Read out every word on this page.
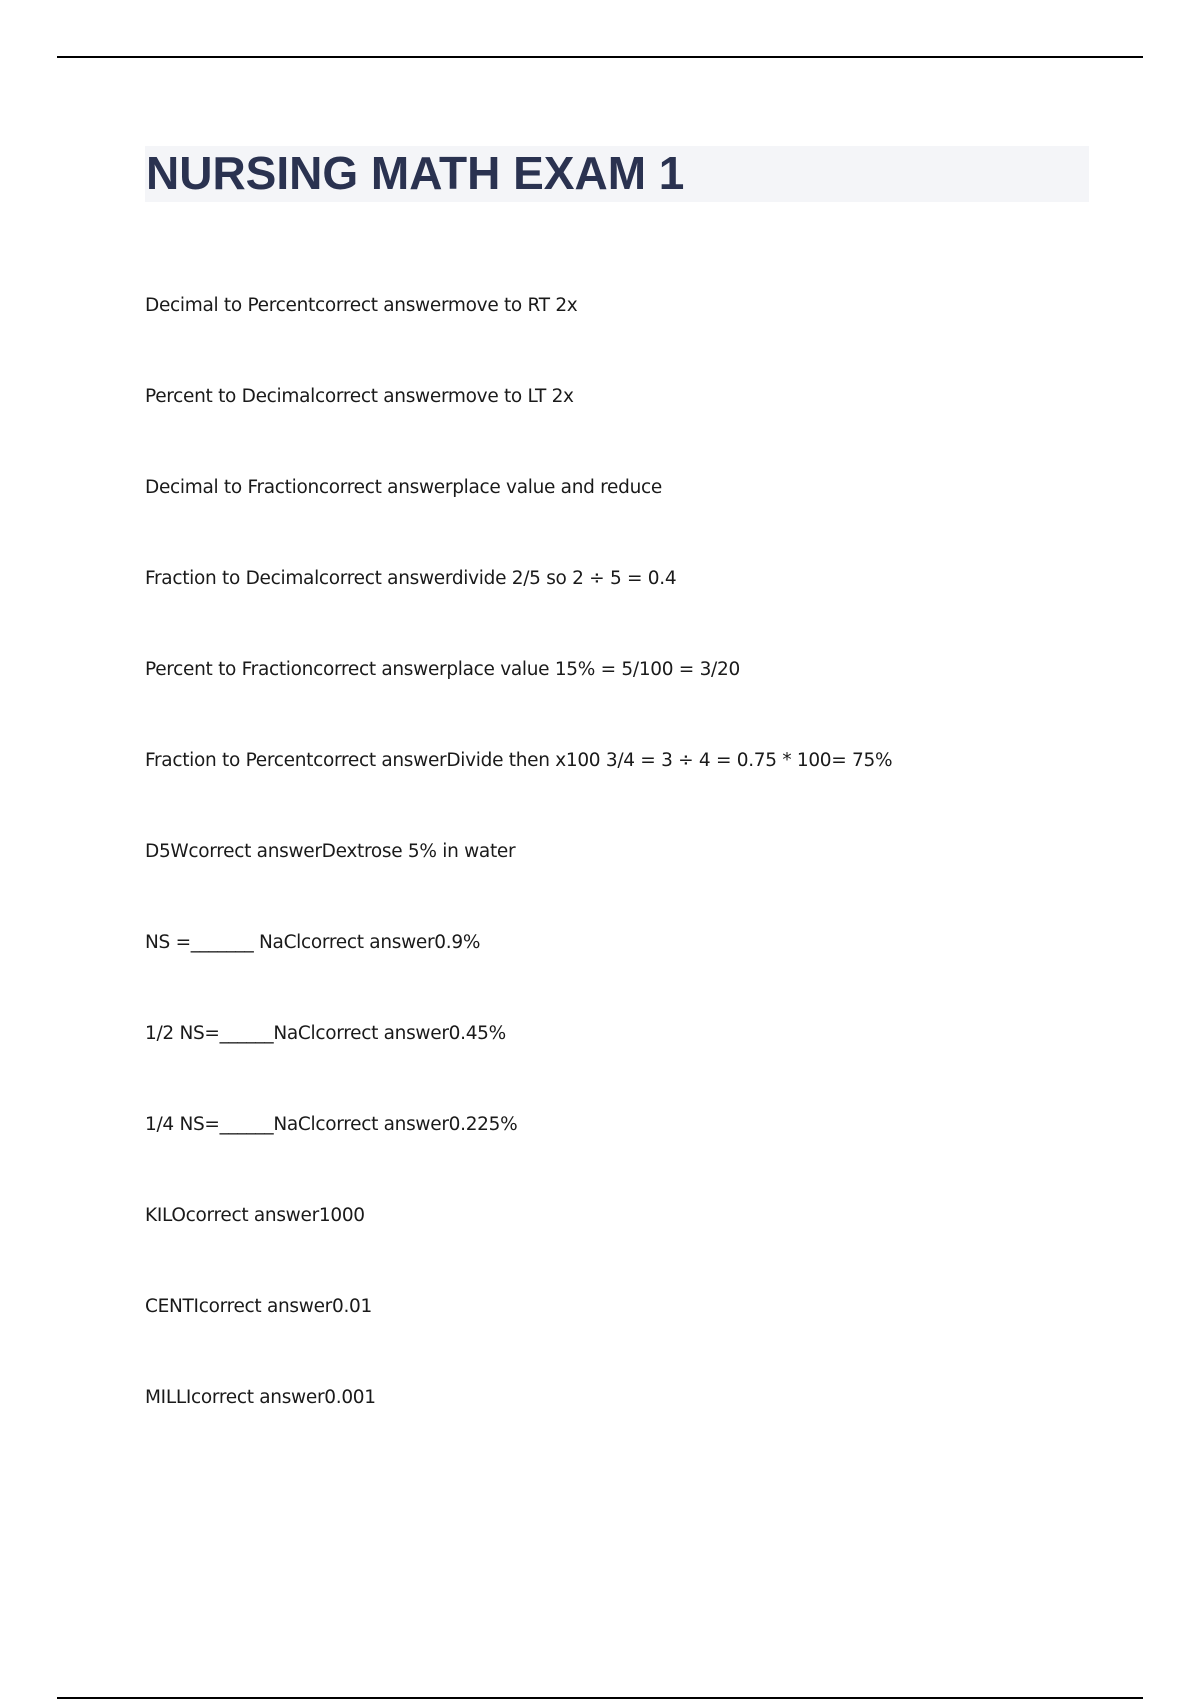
NURSING MATH EXAM 1
Decimal to Percentcorrect answermove to RT 2x
Percent to Decimalcorrect answermove to LT 2x
Decimal to Fractioncorrect answerplace value and reduce
Fraction to Decimalcorrect answerdivide 2/5 so 2 ÷ 5 = 0.4
Percent to Fractioncorrect answerplace value 15% = 5/100 = 3/20
Fraction to Percentcorrect answerDivide then x100 3/4 = 3 ÷ 4 = 0.75 * 100= 75%
D5Wcorrect answerDextrose 5% in water
NS =_______ NaClcorrect answer0.9%
1/2 NS=______NaClcorrect answer0.45%
1/4 NS=______NaClcorrect answer0.225%
KILOcorrect answer1000
CENTIcorrect answer0.01
MILLIcorrect answer0.001
